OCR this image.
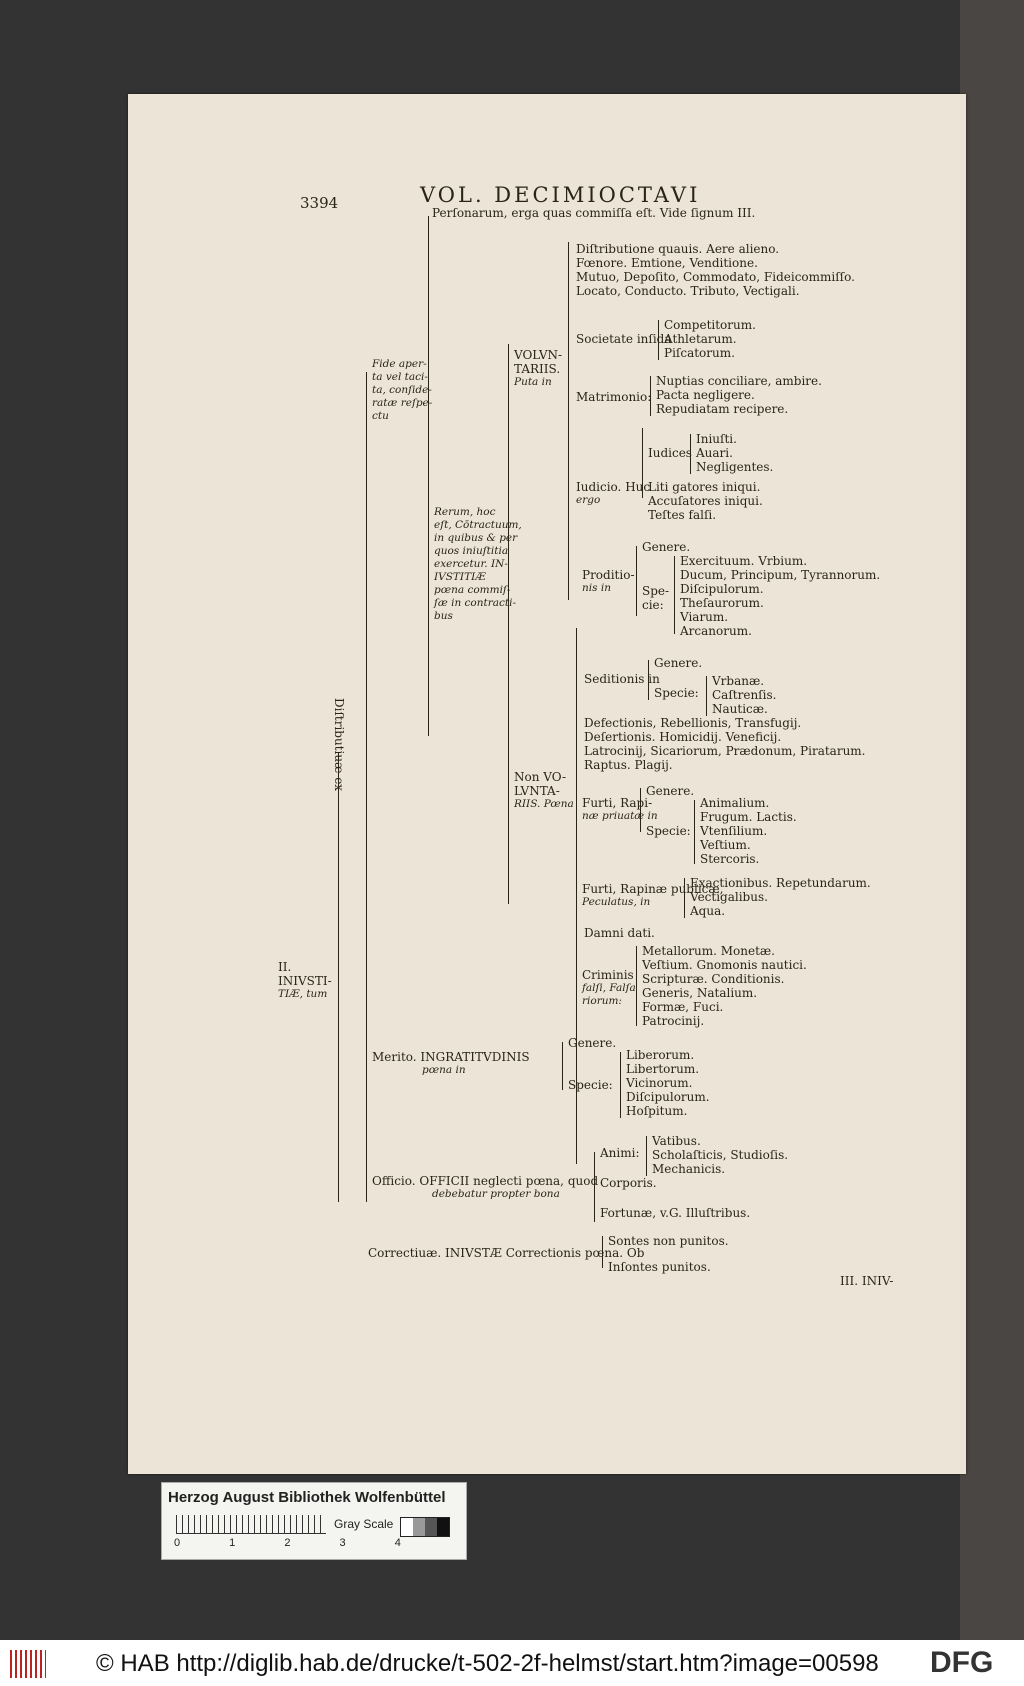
3394	VOL. DECIMIOCTAVI
II.
INIVSTI-
TIÆ, tum
Diſtributiuæ ex
Fide aper-
ta vel taci-
ta, conſide-
ratæ reſpe-
ctu
Perſonarum, erga quas commiſſa eſt. Vide ſignum III.
Rerum, hoc
eſt, Cōtractuum,
in quibus & per
quos iniuſtitia
exercetur. IN-
IVSTITIÆ
pœna commiſ-
ſæ in contracti-
bus
VOLVN-
TARIIS.
Puta in
Diſtributione quauis. Aere alieno.
Fœnore. Emtione, Venditione.
Mutuo, Depoſito, Commodato, Fideicommiſſo.
Locato, Conducto. Tributo, Vectigali.
Societate inſida
Competitorum.
Athletarum.
Piſcatorum.
Matrimonio:
Nuptias conciliare, ambire.
Pacta negligere.
Repudiatam recipere.
Iudicio. Huc
ergo
Iudices
Iniuſti.
Auari.
Negligentes.
Liti gatores iniqui.
Accuſatores iniqui.
Teſtes falſi.
Non VO-
LVNTA-
RIIS. Pœna
Proditio-
nis in
Genere.
Spe-
cie:
Exercituum. Vrbium.
Ducum, Principum, Tyrannorum.
Diſcipulorum.
Theſaurorum.
Viarum.
Arcanorum.
Seditionis in
Genere.
Specie:
Vrbanæ.
Caſtrenſis.
Nauticæ.
Defectionis, Rebellionis, Transfugij.
Deſertionis. Homicidij. Veneficij.
Latrocinij, Sicariorum, Prædonum, Piratarum.
Raptus. Plagij.
Furti, Rapi-
næ priuatæ in
Genere.
Specie:
Animalium.
Frugum. Lactis.
Vtenſilium.
Veſtium.
Stercoris.
Furti, Rapinæ publicæ,
Peculatus, in
Exactionibus. Repetundarum.
Vectigalibus.
Aqua.
Damni dati.
Criminis
falſi, Falſa
riorum:
Metallorum. Monetæ.
Veſtium. Gnomonis nautici.
Scripturæ. Conditionis.
Generis, Natalium.
Formæ, Fuci.
Patrocinij.
Merito. INGRATITVDINIS
pœna in
Genere.
Specie:
Liberorum.
Libertorum.
Vicinorum.
Diſcipulorum.
Hoſpitum.
Officio. OFFICII neglecti pœna, quod
debebatur propter bona
Animi:
Vatibus.
Scholaſticis, Studioſis.
Mechanicis.
Corporis.
Fortunæ, v.G. Illuſtribus.
Correctiuæ. INIVSTÆ Correctionis pœna. Ob
Sontes non punitos.
Inſontes punitos.
III. INIV-
Herzog August Bibliothek Wolfenbüttel
0 1 2 3 4
Gray Scale
© HAB http://diglib.hab.de/drucke/t-502-2f-helmst/start.htm?image=00598 DFG
